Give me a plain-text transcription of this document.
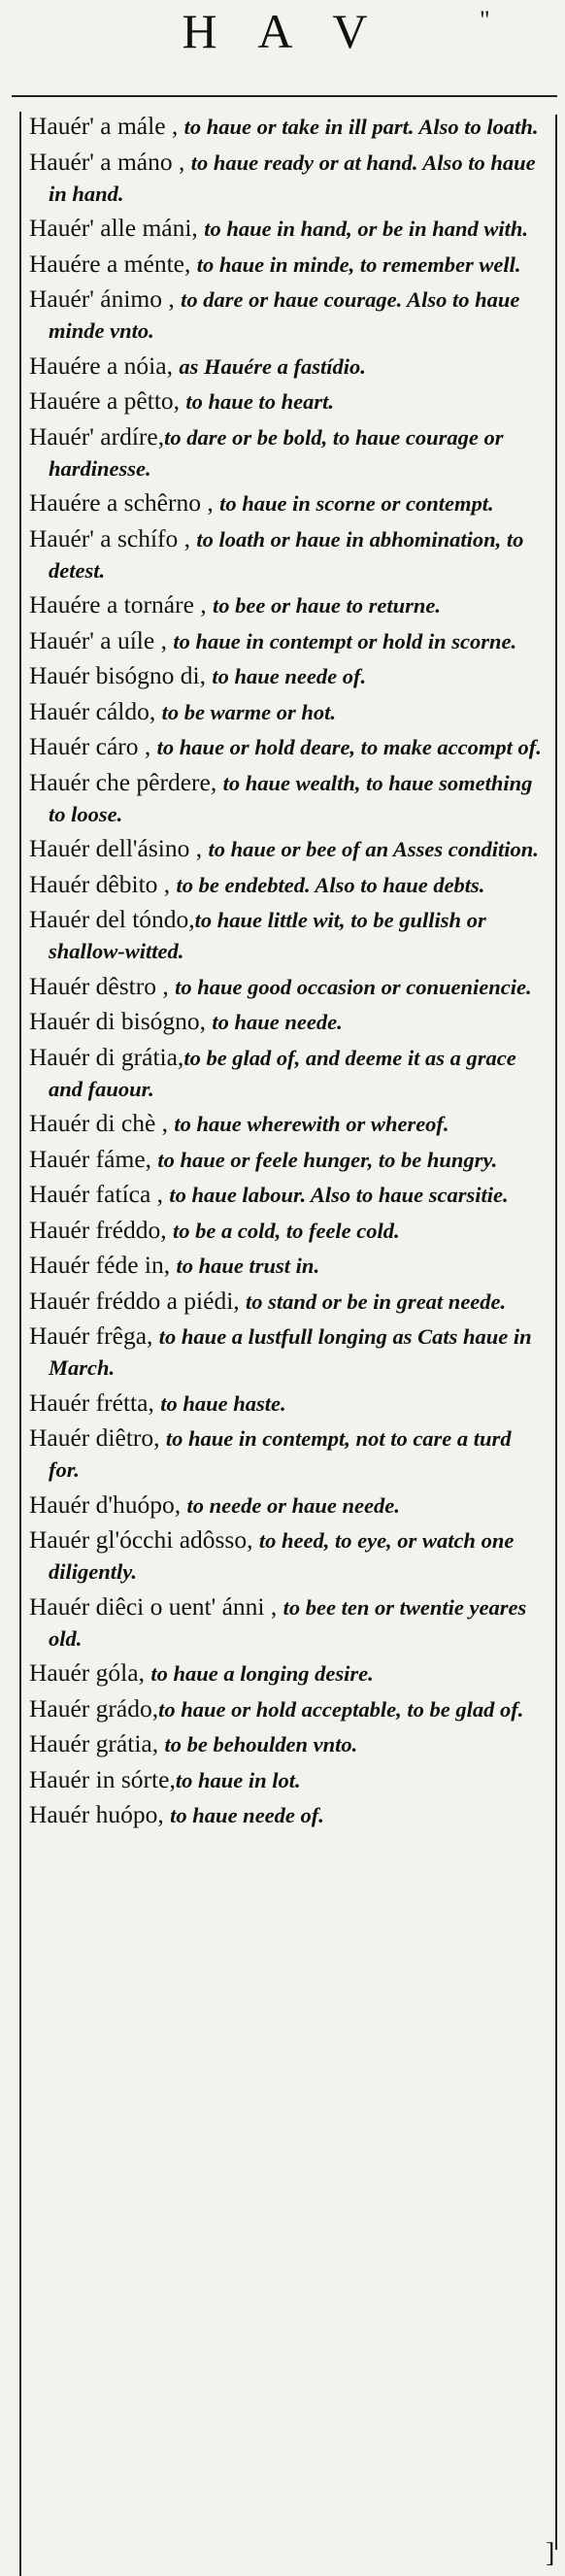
H A V	"
]
Hauér' a mále , to haue or take in ill part. Also to loath.
Hauér' a máno , to haue ready or at hand. Also to haue in hand.
Hauér' alle máni, to haue in hand, or be in hand with.
Hauére a ménte, to haue in minde, to remember well.
Hauér' ánimo , to dare or haue courage. Also to haue minde vnto.
Hauére a nóia, as Hauére a fastídio.
Hauére a pêtto, to haue to heart.
Hauér' ardíre,to dare or be bold, to haue courage or hardinesse.
Hauére a schêrno , to haue in scorne or contempt.
Hauér' a schífo , to loath or haue in abhomination, to detest.
Hauére a tornáre , to bee or haue to returne.
Hauér' a uíle , to haue in contempt or hold in scorne.
Hauér bisógno di, to haue neede of.
Hauér cáldo, to be warme or hot.
Hauér cáro , to haue or hold deare, to make accompt of.
Hauér che pêrdere, to haue wealth, to haue something to loose.
Hauér dell'ásino , to haue or bee of an Asses condition.
Hauér dêbito , to be endebted. Also to haue debts.
Hauér del tóndo,to haue little wit, to be gullish or shallow-witted.
Hauér dêstro , to haue good occasion or conueniencie.
Hauér di bisógno, to haue neede.
Hauér di grátia,to be glad of, and deeme it as a grace and fauour.
Hauér di chè , to haue wherewith or whereof.
Hauér fáme, to haue or feele hunger, to be hungry.
Hauér fatíca , to haue labour. Also to haue scarsitie.
Hauér fréddo, to be a cold, to feele cold.
Hauér féde in, to haue trust in.
Hauér fréddo a piédi, to stand or be in great neede.
Hauér frêga, to haue a lustfull longing as Cats haue in March.
Hauér frétta, to haue haste.
Hauér diêtro, to haue in contempt, not to care a turd for.
Hauér d'huópo, to neede or haue neede.
Hauér gl'ócchi adôsso, to heed, to eye, or watch one diligently.
Hauér diêci o uent' ánni , to bee ten or twentie yeares old.
Hauér góla, to haue a longing desire.
Hauér grádo,to haue or hold acceptable, to be glad of.
Hauér grátia, to be behoulden vnto.
Hauér in sórte,to haue in lot.
Hauér huópo, to haue neede of.
